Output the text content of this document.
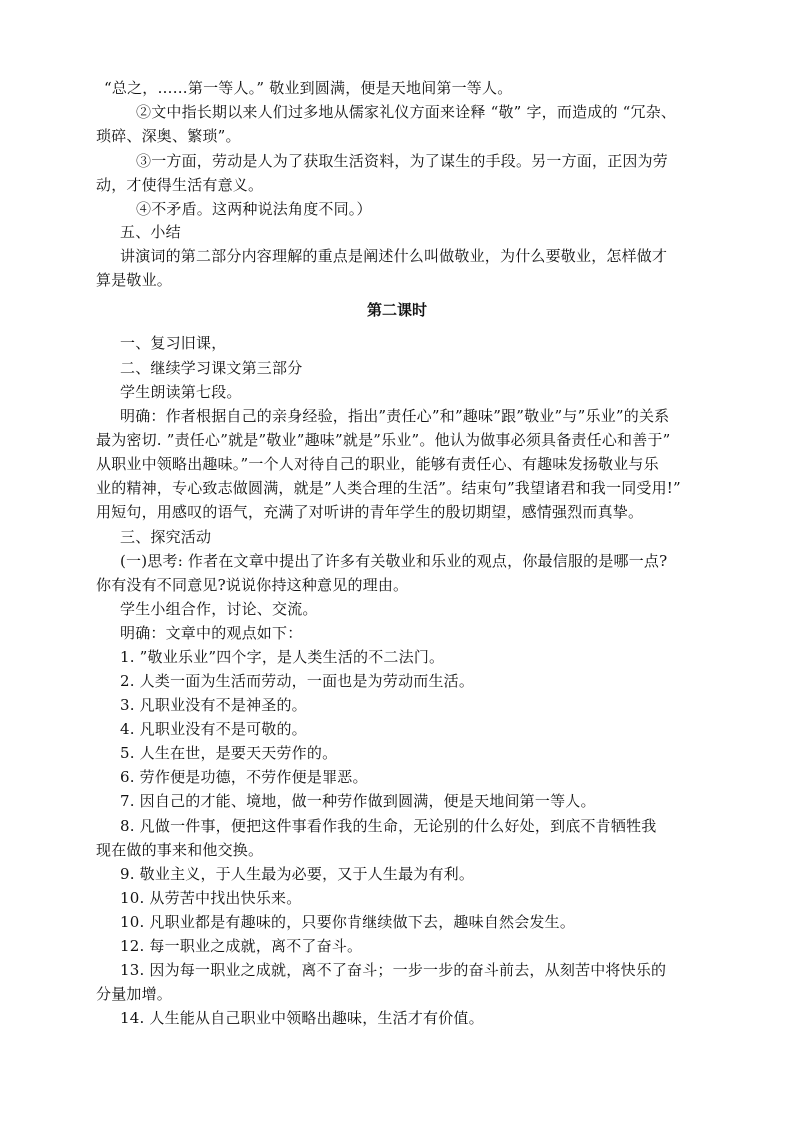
“总之，……第一等人。” 敬业到圆满，便是天地间第一等人。
②文中指长期以来人们过多地从儒家礼仪方面来诠释 “敬” 字，而造成的 “冗杂、
琐碎、深奥、繁琐”。
③一方面，劳动是人为了获取生活资料，为了谋生的手段。另一方面，正因为劳
动，才使得生活有意义。
④不矛盾。这两种说法角度不同。）
五、小结
讲演词的第二部分内容理解的重点是阐述什么叫做敬业，为什么要敬业，怎样做才
算是敬业。
第二课时
一、复习旧课，
二、继续学习课文第三部分
学生朗读第七段。
明确：作者根据自己的亲身经验，指出”责任心”和”趣味”跟”敬业”与”乐业”的关系
最为密切. ”责任心”就是”敬业”趣味”就是”乐业”。他认为做事必须具备责任心和善于”
从职业中领略出趣味。”一个人对待自己的职业，能够有责任心、有趣味发扬敬业与乐
业的精神，专心致志做圆满，就是”人类合理的生活”。结束句”我望诸君和我一同受用!”
用短句，用感叹的语气，充满了对听讲的青年学生的殷切期望，感情强烈而真挚。
三、探究活动
(一)思考: 作者在文章中提出了许多有关敬业和乐业的观点，你最信服的是哪一点?
你有没有不同意见?说说你持这种意见的理由。
学生小组合作，讨论、交流。
明确：文章中的观点如下：
1. ”敬业乐业”四个字，是人类生活的不二法门。
2. 人类一面为生活而劳动，一面也是为劳动而生活。
3. 凡职业没有不是神圣的。
4. 凡职业没有不是可敬的。
5. 人生在世，是要天天劳作的。
6. 劳作便是功德，不劳作便是罪恶。
7. 因自己的才能、境地，做一种劳作做到圆满，便是天地间第一等人。
8. 凡做一件事，便把这件事看作我的生命，无论别的什么好处，到底不肯牺牲我
现在做的事来和他交换。
9. 敬业主义，于人生最为必要，又于人生最为有利。
10. 从劳苦中找出快乐来。
10. 凡职业都是有趣味的，只要你肯继续做下去，趣味自然会发生。
12. 每一职业之成就，离不了奋斗。
13. 因为每一职业之成就，离不了奋斗；一步一步的奋斗前去，从刻苦中将快乐的
分量加增。
14. 人生能从自己职业中领略出趣味，生活才有价值。
